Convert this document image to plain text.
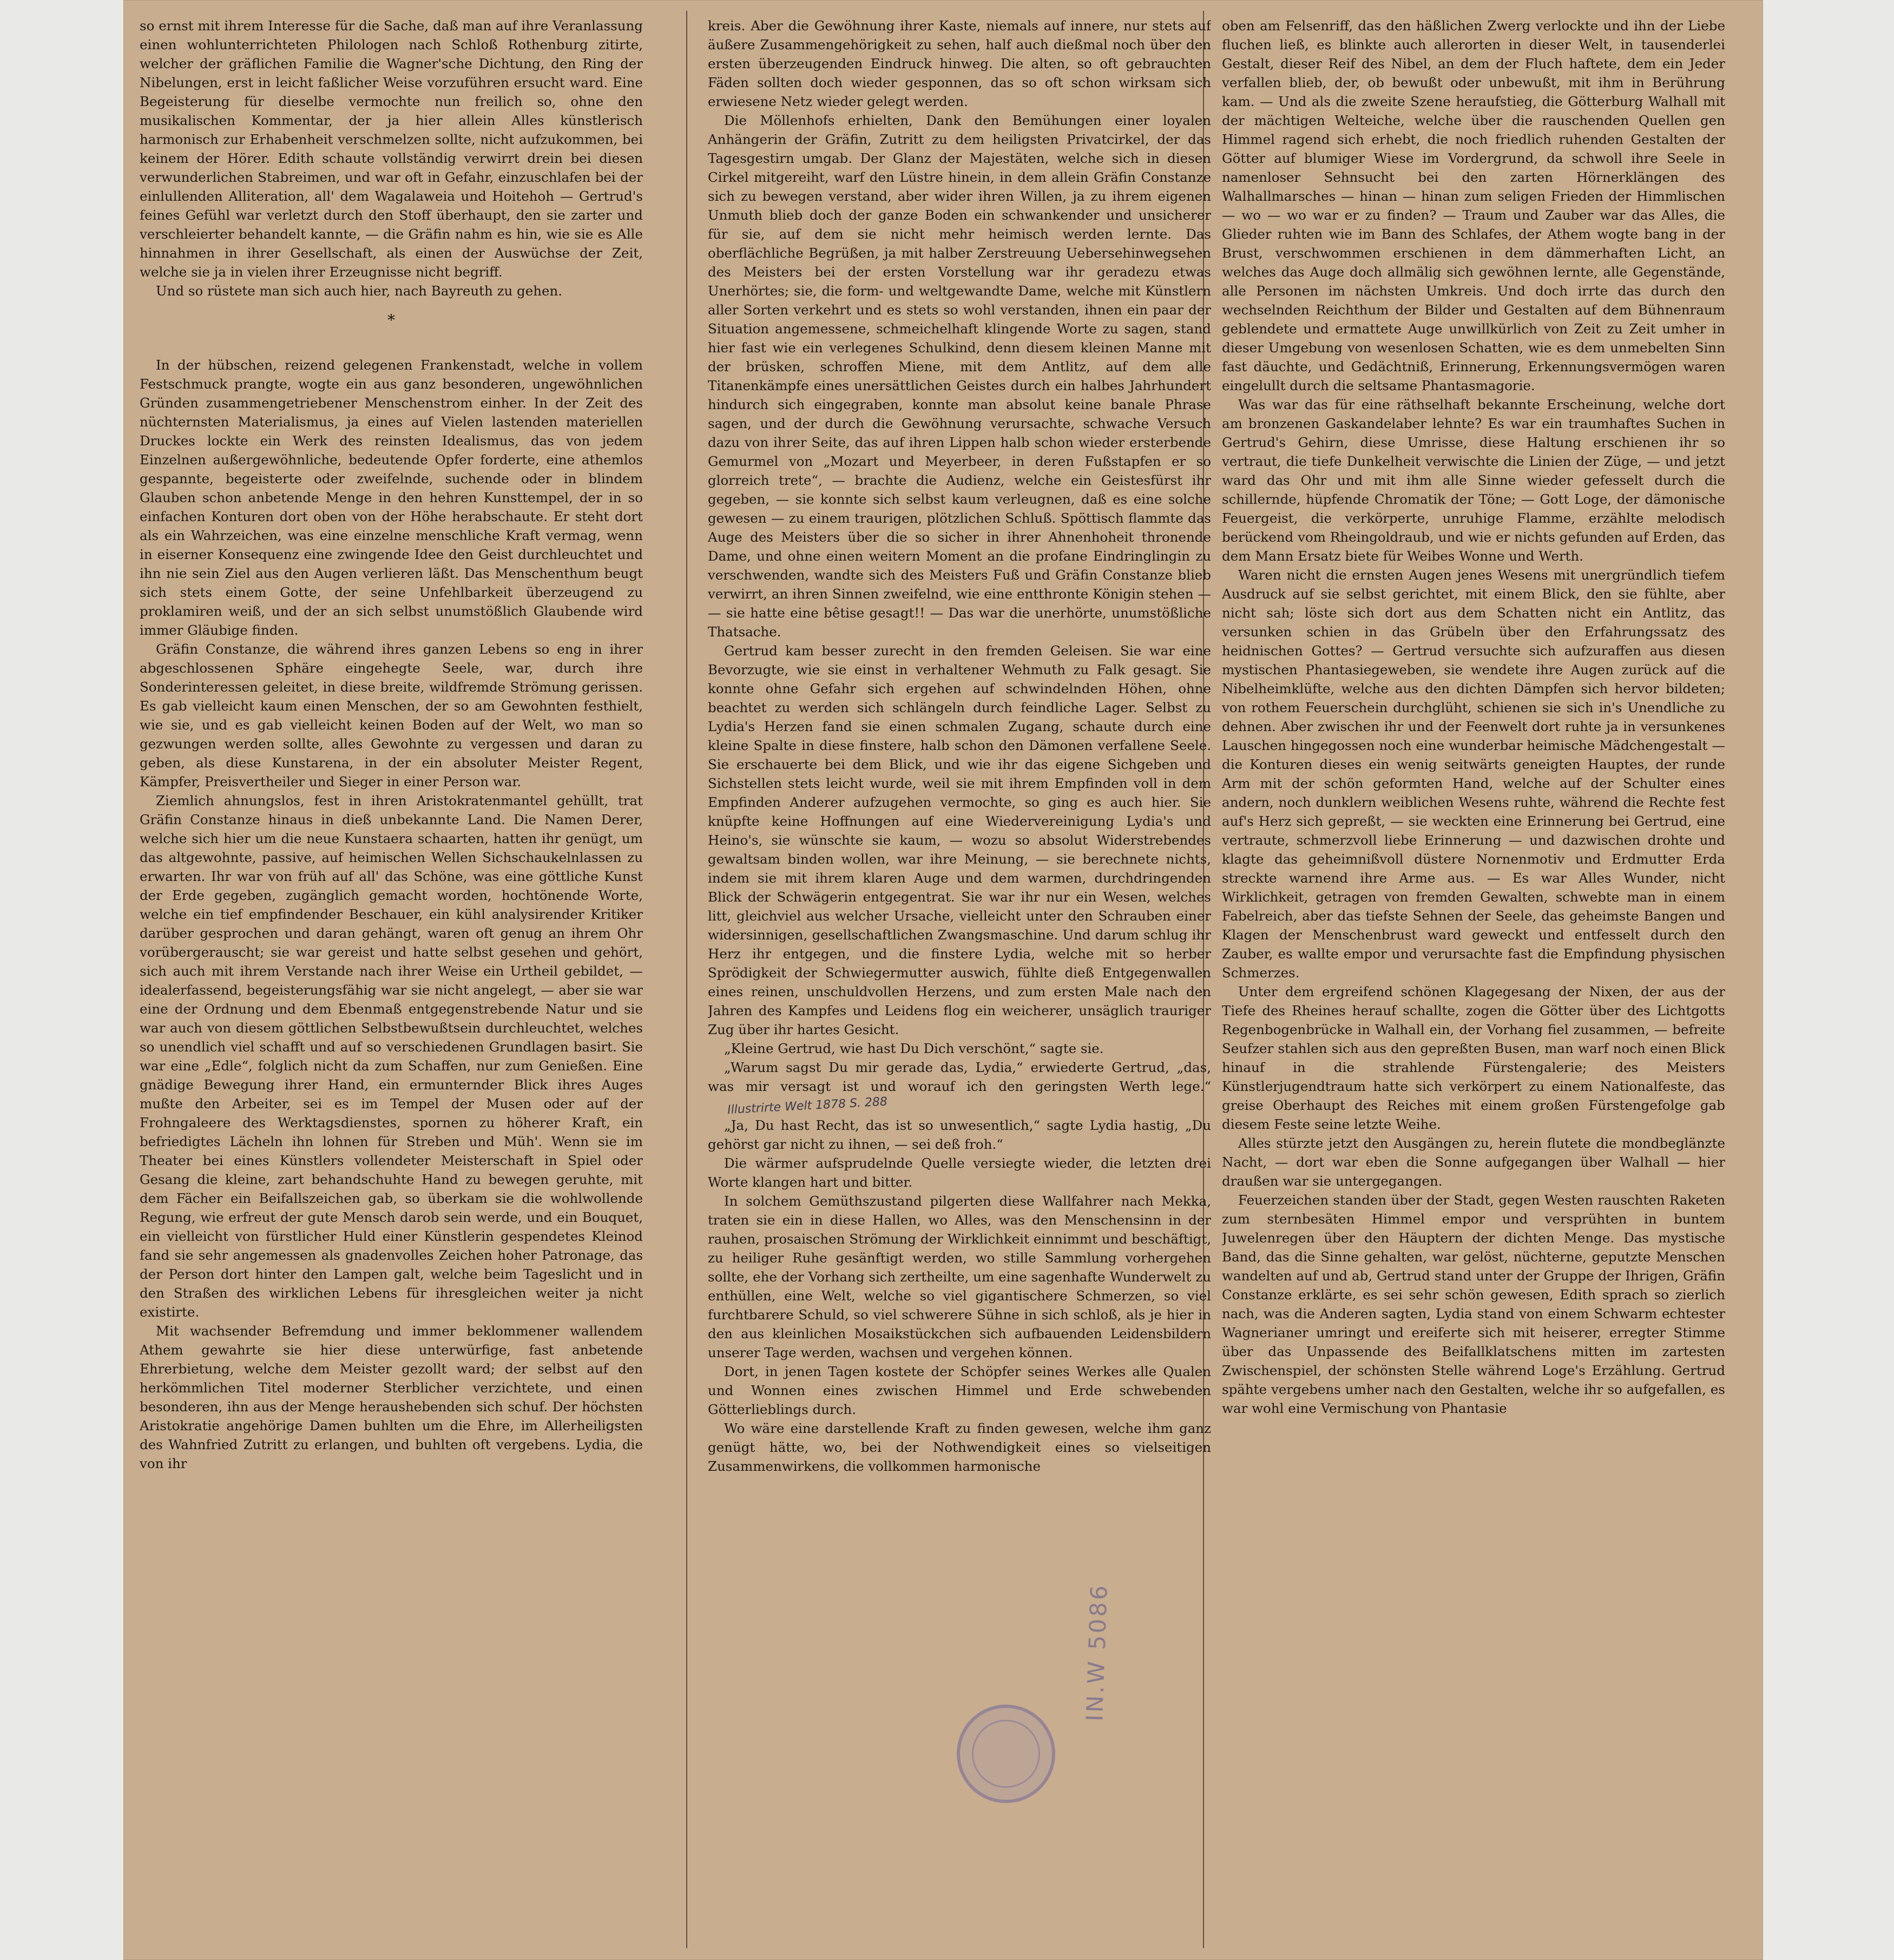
so ernst mit ihrem Interesse für die Sache, daß man auf ihre Veranlassung einen wohlunterrichteten Philologen nach Schloß Rothenburg zitirte, welcher der gräflichen Familie die Wagner'sche Dichtung, den Ring der Nibelungen, erst in leicht faßlicher Weise vorzuführen ersucht ward. Eine Begeisterung für dieselbe vermochte nun freilich so, ohne den musikalischen Kommentar, der ja hier allein Alles künstlerisch harmonisch zur Erhabenheit verschmelzen sollte, nicht aufzukommen, bei keinem der Hörer. Edith schaute vollständig verwirrt drein bei diesen verwunderlichen Stabreimen, und war oft in Gefahr, einzuschlafen bei der einlullenden Alliteration, all' dem Wagalaweia und Hoitehoh — Gertrud's feines Gefühl war verletzt durch den Stoff überhaupt, den sie zarter und verschleierter behandelt kannte, — die Gräfin nahm es hin, wie sie es Alle hinnahmen in ihrer Gesellschaft, als einen der Auswüchse der Zeit, welche sie ja in vielen ihrer Erzeugnisse nicht begriff.

Und so rüstete man sich auch hier, nach Bayreuth zu gehen.

*

In der hübschen, reizend gelegenen Frankenstadt, welche in vollem Festschmuck prangte, wogte ein aus ganz besonderen, ungewöhnlichen Gründen zusammengetriebener Menschenstrom einher. In der Zeit des nüchternsten Materialismus, ja eines auf Vielen lastenden materiellen Druckes lockte ein Werk des reinsten Idealismus, das von jedem Einzelnen außergewöhnliche, bedeutende Opfer forderte, eine athemlos gespannte, begeisterte oder zweifelnde, suchende oder in blindem Glauben schon anbetende Menge in den hehren Kunsttempel, der in so einfachen Konturen dort oben von der Höhe herabschaute. Er steht dort als ein Wahrzeichen, was eine einzelne menschliche Kraft vermag, wenn in eiserner Konsequenz eine zwingende Idee den Geist durchleuchtet und ihn nie sein Ziel aus den Augen verlieren läßt. Das Menschenthum beugt sich stets einem Gotte, der seine Unfehlbarkeit überzeugend zu proklamiren weiß, und der an sich selbst unumstößlich Glaubende wird immer Gläubige finden.

Gräfin Constanze, die während ihres ganzen Lebens so eng in ihrer abgeschlossenen Sphäre eingehegte Seele, war, durch ihre Sonderinteressen geleitet, in diese breite, wildfremde Strömung gerissen. Es gab vielleicht kaum einen Menschen, der so am Gewohnten festhielt, wie sie, und es gab vielleicht keinen Boden auf der Welt, wo man so gezwungen werden sollte, alles Gewohnte zu vergessen und daran zu geben, als diese Kunstarena, in der ein absoluter Meister Regent, Kämpfer, Preisvertheiler und Sieger in einer Person war.

Ziemlich ahnungslos, fest in ihren Aristokratenmantel gehüllt, trat Gräfin Constanze hinaus in dieß unbekannte Land. Die Namen Derer, welche sich hier um die neue Kunstaera schaarten, hatten ihr genügt, um das altgewohnte, passive, auf heimischen Wellen Sichschaukelnlassen zu erwarten. Ihr war von früh auf all' das Schöne, was eine göttliche Kunst der Erde gegeben, zugänglich gemacht worden, hochtönende Worte, welche ein tief empfindender Beschauer, ein kühl analysirender Kritiker darüber gesprochen und daran gehängt, waren oft genug an ihrem Ohr vorübergerauscht; sie war gereist und hatte selbst gesehen und gehört, sich auch mit ihrem Verstande nach ihrer Weise ein Urtheil gebildet, — idealerfassend, begeisterungsfähig war sie nicht angelegt, — aber sie war eine der Ordnung und dem Ebenmaß entgegenstrebende Natur und sie war auch von diesem göttlichen Selbstbewußtsein durchleuchtet, welches so unendlich viel schafft und auf so verschiedenen Grundlagen basirt. Sie war eine „Edle“, folglich nicht da zum Schaffen, nur zum Genießen. Eine gnädige Bewegung ihrer Hand, ein ermunternder Blick ihres Auges mußte den Arbeiter, sei es im Tempel der Musen oder auf der Frohngaleere des Werktagsdienstes, spornen zu höherer Kraft, ein befriedigtes Lächeln ihn lohnen für Streben und Müh'. Wenn sie im Theater bei eines Künstlers vollendeter Meisterschaft in Spiel oder Gesang die kleine, zart behandschuhte Hand zu bewegen geruhte, mit dem Fächer ein Beifallszeichen gab, so überkam sie die wohlwollende Regung, wie erfreut der gute Mensch darob sein werde, und ein Bouquet, ein vielleicht von fürstlicher Huld einer Künstlerin gespendetes Kleinod fand sie sehr angemessen als gnadenvolles Zeichen hoher Patronage, das der Person dort hinter den Lampen galt, welche beim Tageslicht und in den Straßen des wirklichen Lebens für ihresgleichen weiter ja nicht existirte.

Mit wachsender Befremdung und immer beklommener wallendem Athem gewahrte sie hier diese unterwürfige, fast anbetende Ehrerbietung, welche dem Meister gezollt ward; der selbst auf den herkömmlichen Titel moderner Sterblicher verzichtete, und einen besonderen, ihn aus der Menge heraushebenden sich schuf. Der höchsten Aristokratie angehörige Damen buhlten um die Ehre, im Allerheiligsten des Wahnfried Zutritt zu erlangen, und buhlten oft vergebens. Lydia, die von ihr

kreis. Aber die Gewöhnung ihrer Kaste, niemals auf innere, nur stets auf äußere Zusammengehörigkeit zu sehen, half auch dießmal noch über den ersten überzeugenden Eindruck hinweg. Die alten, so oft gebrauchten Fäden sollten doch wieder gesponnen, das so oft schon wirksam sich erwiesene Netz wieder gelegt werden.

Die Möllenhofs erhielten, Dank den Bemühungen einer loyalen Anhängerin der Gräfin, Zutritt zu dem heiligsten Privatcirkel, der das Tagesgestirn umgab. Der Glanz der Majestäten, welche sich in diesen Cirkel mitgereiht, warf den Lüstre hinein, in dem allein Gräfin Constanze sich zu bewegen verstand, aber wider ihren Willen, ja zu ihrem eigenen Unmuth blieb doch der ganze Boden ein schwankender und unsicherer für sie, auf dem sie nicht mehr heimisch werden lernte. Das oberflächliche Begrüßen, ja mit halber Zerstreuung Uebersehinwegsehen des Meisters bei der ersten Vorstellung war ihr geradezu etwas Unerhörtes; sie, die form- und weltgewandte Dame, welche mit Künstlern aller Sorten verkehrt und es stets so wohl verstanden, ihnen ein paar der Situation angemessene, schmeichelhaft klingende Worte zu sagen, stand hier fast wie ein verlegenes Schulkind, denn diesem kleinen Manne mit der brüsken, schroffen Miene, mit dem Antlitz, auf dem alle Titanenkämpfe eines unersättlichen Geistes durch ein halbes Jahrhundert hindurch sich eingegraben, konnte man absolut keine banale Phrase sagen, und der durch die Gewöhnung verursachte, schwache Versuch dazu von ihrer Seite, das auf ihren Lippen halb schon wieder ersterbende Gemurmel von „Mozart und Meyerbeer, in deren Fußstapfen er so glorreich trete“, — brachte die Audienz, welche ein Geistesfürst ihr gegeben, — sie konnte sich selbst kaum verleugnen, daß es eine solche gewesen — zu einem traurigen, plötzlichen Schluß. Spöttisch flammte das Auge des Meisters über die so sicher in ihrer Ahnenhoheit thronende Dame, und ohne einen weitern Moment an die profane Eindringlingin zu verschwenden, wandte sich des Meisters Fuß und Gräfin Constanze blieb verwirrt, an ihren Sinnen zweifelnd, wie eine entthronte Königin stehen — — sie hatte eine bêtise gesagt!! — Das war die unerhörte, unumstößliche Thatsache.

Gertrud kam besser zurecht in den fremden Geleisen. Sie war eine Bevorzugte, wie sie einst in verhaltener Wehmuth zu Falk gesagt. Sie konnte ohne Gefahr sich ergehen auf schwindelnden Höhen, ohne beachtet zu werden sich schlängeln durch feindliche Lager. Selbst zu Lydia's Herzen fand sie einen schmalen Zugang, schaute durch eine kleine Spalte in diese finstere, halb schon den Dämonen verfallene Seele. Sie erschauerte bei dem Blick, und wie ihr das eigene Sichgeben und Sichstellen stets leicht wurde, weil sie mit ihrem Empfinden voll in dem Empfinden Anderer aufzugehen vermochte, so ging es auch hier. Sie knüpfte keine Hoffnungen auf eine Wiedervereinigung Lydia's und Heino's, sie wünschte sie kaum, — wozu so absolut Widerstrebendes gewaltsam binden wollen, war ihre Meinung, — sie berechnete nichts, indem sie mit ihrem klaren Auge und dem warmen, durchdringenden Blick der Schwägerin entgegentrat. Sie war ihr nur ein Wesen, welches litt, gleichviel aus welcher Ursache, vielleicht unter den Schrauben einer widersinnigen, gesellschaftlichen Zwangsmaschine. Und darum schlug ihr Herz ihr entgegen, und die finstere Lydia, welche mit so herber Sprödigkeit der Schwiegermutter auswich, fühlte dieß Entgegenwallen eines reinen, unschuldvollen Herzens, und zum ersten Male nach den Jahren des Kampfes und Leidens flog ein weicherer, unsäglich trauriger Zug über ihr hartes Gesicht.

„Kleine Gertrud, wie hast Du Dich verschönt,“ sagte sie.

„Warum sagst Du mir gerade das, Lydia,“ erwiederte Gertrud, „das, was mir versagt ist und worauf ich den geringsten Werth lege.“Illustrirte Welt 1878 S. 288

„Ja, Du hast Recht, das ist so unwesentlich,“ sagte Lydia hastig, „Du gehörst gar nicht zu ihnen, — sei deß froh.“

Die wärmer aufsprudelnde Quelle versiegte wieder, die letzten drei Worte klangen hart und bitter.

In solchem Gemüthszustand pilgerten diese Wallfahrer nach Mekka, traten sie ein in diese Hallen, wo Alles, was den Menschensinn in der rauhen, prosaischen Strömung der Wirklichkeit einnimmt und beschäftigt, zu heiliger Ruhe gesänftigt werden, wo stille Sammlung vorhergehen sollte, ehe der Vorhang sich zertheilte, um eine sagenhafte Wunderwelt zu enthüllen, eine Welt, welche so viel gigantischere Schmerzen, so viel furchtbarere Schuld, so viel schwerere Sühne in sich schloß, als je hier in den aus kleinlichen Mosaikstückchen sich aufbauenden Leidensbildern unserer Tage werden, wachsen und vergehen können.

Dort, in jenen Tagen kostete der Schöpfer seines Werkes alle Qualen und Wonnen eines zwischen Himmel und Erde schwebenden Götterlieblings durch.

Wo wäre eine darstellende Kraft zu finden gewesen, welche ihm ganz genügt hätte, wo, bei der Nothwendigkeit eines so vielseitigen Zusammenwirkens, die vollkommen harmonische

oben am Felsenriff, das den häßlichen Zwerg verlockte und ihn der Liebe fluchen ließ, es blinkte auch allerorten in dieser Welt, in tausenderlei Gestalt, dieser Reif des Nibel, an dem der Fluch haftete, dem ein Jeder verfallen blieb, der, ob bewußt oder unbewußt, mit ihm in Berührung kam. — Und als die zweite Szene heraufstieg, die Götterburg Walhall mit der mächtigen Welteiche, welche über die rauschenden Quellen gen Himmel ragend sich erhebt, die noch friedlich ruhenden Gestalten der Götter auf blumiger Wiese im Vordergrund, da schwoll ihre Seele in namenloser Sehnsucht bei den zarten Hörnerklängen des Walhallmarsches — hinan — hinan zum seligen Frieden der Himmlischen — wo — wo war er zu finden? — Traum und Zauber war das Alles, die Glieder ruhten wie im Bann des Schlafes, der Athem wogte bang in der Brust, verschwommen erschienen in dem dämmerhaften Licht, an welches das Auge doch allmälig sich gewöhnen lernte, alle Gegenstände, alle Personen im nächsten Umkreis. Und doch irrte das durch den wechselnden Reichthum der Bilder und Gestalten auf dem Bühnenraum geblendete und ermattete Auge unwillkürlich von Zeit zu Zeit umher in dieser Umgebung von wesenlosen Schatten, wie es dem unmebelten Sinn fast däuchte, und Gedächtniß, Erinnerung, Erkennungsvermögen waren eingelullt durch die seltsame Phantasmagorie.

Was war das für eine räthselhaft bekannte Erscheinung, welche dort am bronzenen Gaskandelaber lehnte? Es war ein traumhaftes Suchen in Gertrud's Gehirn, diese Umrisse, diese Haltung erschienen ihr so vertraut, die tiefe Dunkelheit verwischte die Linien der Züge, — und jetzt ward das Ohr und mit ihm alle Sinne wieder gefesselt durch die schillernde, hüpfende Chromatik der Töne; — Gott Loge, der dämonische Feuergeist, die verkörperte, unruhige Flamme, erzählte melodisch berückend vom Rheingoldraub, und wie er nichts gefunden auf Erden, das dem Mann Ersatz biete für Weibes Wonne und Werth.

Waren nicht die ernsten Augen jenes Wesens mit unergründlich tiefem Ausdruck auf sie selbst gerichtet, mit einem Blick, den sie fühlte, aber nicht sah; löste sich dort aus dem Schatten nicht ein Antlitz, das versunken schien in das Grübeln über den Erfahrungssatz des heidnischen Gottes? — Gertrud versuchte sich aufzuraffen aus diesen mystischen Phantasiegeweben, sie wendete ihre Augen zurück auf die Nibelheimklüfte, welche aus den dichten Dämpfen sich hervor bildeten; von rothem Feuerschein durchglüht, schienen sie sich in's Unendliche zu dehnen. Aber zwischen ihr und der Feenwelt dort ruhte ja in versunkenes Lauschen hingegossen noch eine wunderbar heimische Mädchengestalt — die Konturen dieses ein wenig seitwärts geneigten Hauptes, der runde Arm mit der schön geformten Hand, welche auf der Schulter eines andern, noch dunklern weiblichen Wesens ruhte, während die Rechte fest auf's Herz sich gepreßt, — sie weckten eine Erinnerung bei Gertrud, eine vertraute, schmerzvoll liebe Erinnerung — und dazwischen drohte und klagte das geheimnißvoll düstere Nornenmotiv und Erdmutter Erda streckte warnend ihre Arme aus. — Es war Alles Wunder, nicht Wirklichkeit, getragen von fremden Gewalten, schwebte man in einem Fabelreich, aber das tiefste Sehnen der Seele, das geheimste Bangen und Klagen der Menschenbrust ward geweckt und entfesselt durch den Zauber, es wallte empor und verursachte fast die Empfindung physischen Schmerzes.

Unter dem ergreifend schönen Klagegesang der Nixen, der aus der Tiefe des Rheines herauf schallte, zogen die Götter über des Lichtgotts Regenbogenbrücke in Walhall ein, der Vorhang fiel zusammen, — befreite Seufzer stahlen sich aus den gepreßten Busen, man warf noch einen Blick hinauf in die strahlende Fürstengalerie; des Meisters Künstlerjugendtraum hatte sich verkörpert zu einem Nationalfeste, das greise Oberhaupt des Reiches mit einem großen Fürstengefolge gab diesem Feste seine letzte Weihe.

Alles stürzte jetzt den Ausgängen zu, herein flutete die mondbeglänzte Nacht, — dort war eben die Sonne aufgegangen über Walhall — hier draußen war sie untergegangen.

Feuerzeichen standen über der Stadt, gegen Westen rauschten Raketen zum sternbesäten Himmel empor und versprühten in buntem Juwelenregen über den Häuptern der dichten Menge. Das mystische Band, das die Sinne gehalten, war gelöst, nüchterne, geputzte Menschen wandelten auf und ab, Gertrud stand unter der Gruppe der Ihrigen, Gräfin Constanze erklärte, es sei sehr schön gewesen, Edith sprach so zierlich nach, was die Anderen sagten, Lydia stand von einem Schwarm echtester Wagnerianer umringt und ereiferte sich mit heiserer, erregter Stimme über das Unpassende des Beifallklatschens mitten im zartesten Zwischenspiel, der schönsten Stelle während Loge's Erzählung. Gertrud spähte vergebens umher nach den Gestalten, welche ihr so aufgefallen, es war wohl eine Vermischung von Phantasie

IN.W 5086
